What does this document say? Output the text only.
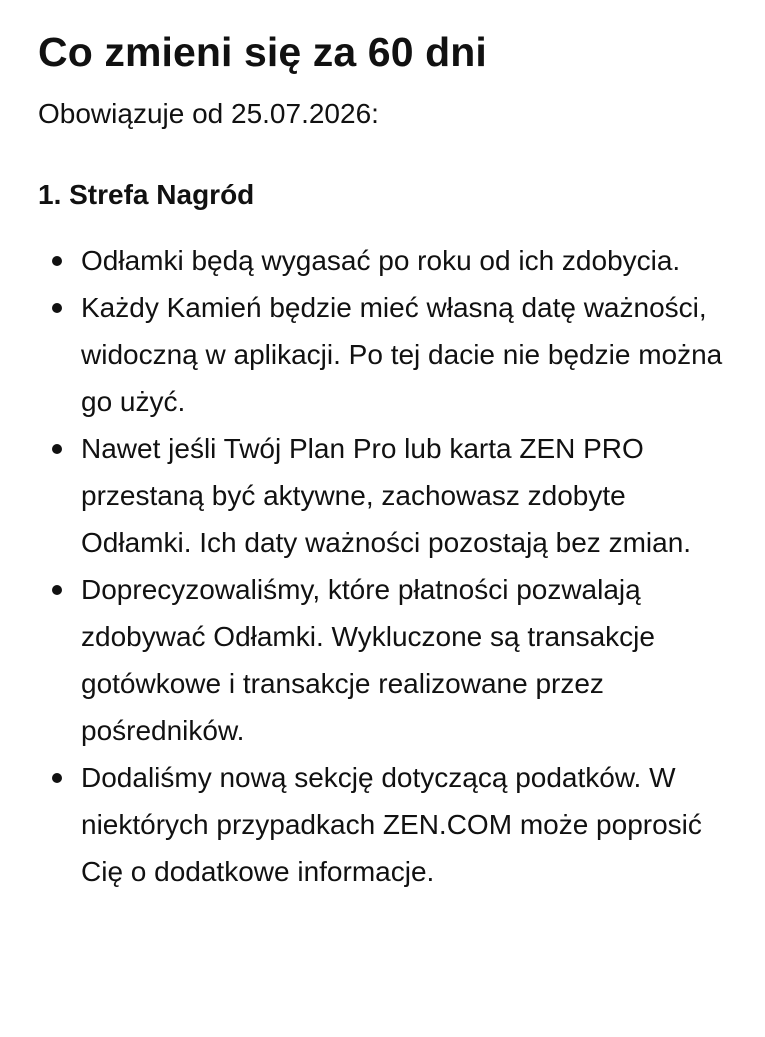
Co zmieni się za 60 dni

Obowiązuje od 25.07.2026:

1. Strefa Nagród
Odłamki będą wygasać po roku od ich zdobycia.
Każdy Kamień będzie mieć własną datę ważności, widoczną w aplikacji. Po tej dacie nie będzie można go użyć.
Nawet jeśli Twój Plan Pro lub karta ZEN PRO przestaną być aktywne, zachowasz zdobyte Odłamki. Ich daty ważności pozostają bez zmian.
Doprecyzowaliśmy, które płatności pozwalają zdobywać Odłamki. Wykluczone są transakcje gotówkowe i transakcje realizowane przez pośredników.
Dodaliśmy nową sekcję dotyczącą podatków. W niektórych przypadkach ZEN.COM może poprosić Cię o dodatkowe informacje.
